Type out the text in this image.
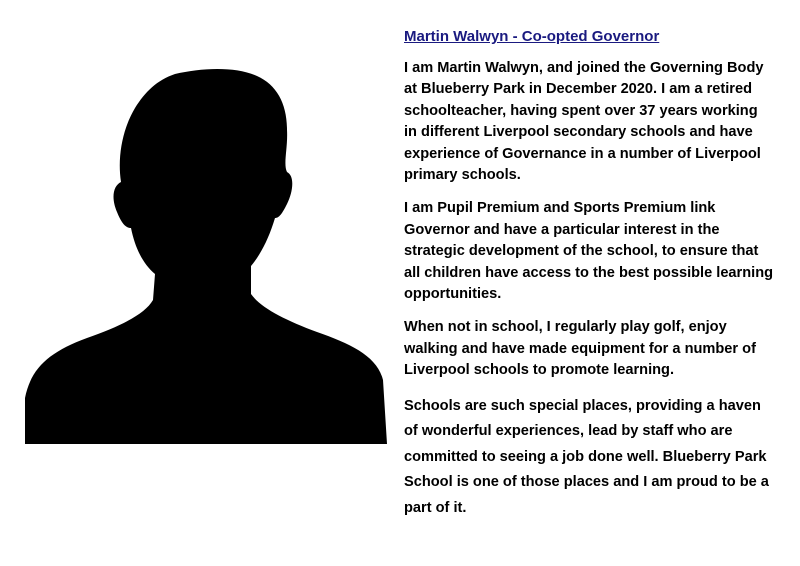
Martin Walwyn - Co-opted Governor

I am Martin Walwyn, and joined the Governing Body at Blueberry Park in December 2020. I am a retired schoolteacher, having spent over 37 years working in different Liverpool secondary schools and have experience of Governance in a number of Liverpool primary schools.

I am Pupil Premium and Sports Premium link Governor and have a particular interest in the strategic development of the school, to ensure that all children have access to the best possible learning opportunities.

When not in school, I regularly play golf, enjoy walking and have made equipment for a number of Liverpool schools to promote learning.

Schools are such special places, providing a haven of wonderful experiences, lead by staff who are committed to seeing a job done well. Blueberry Park School is one of those places and I am proud to be a part of it.
